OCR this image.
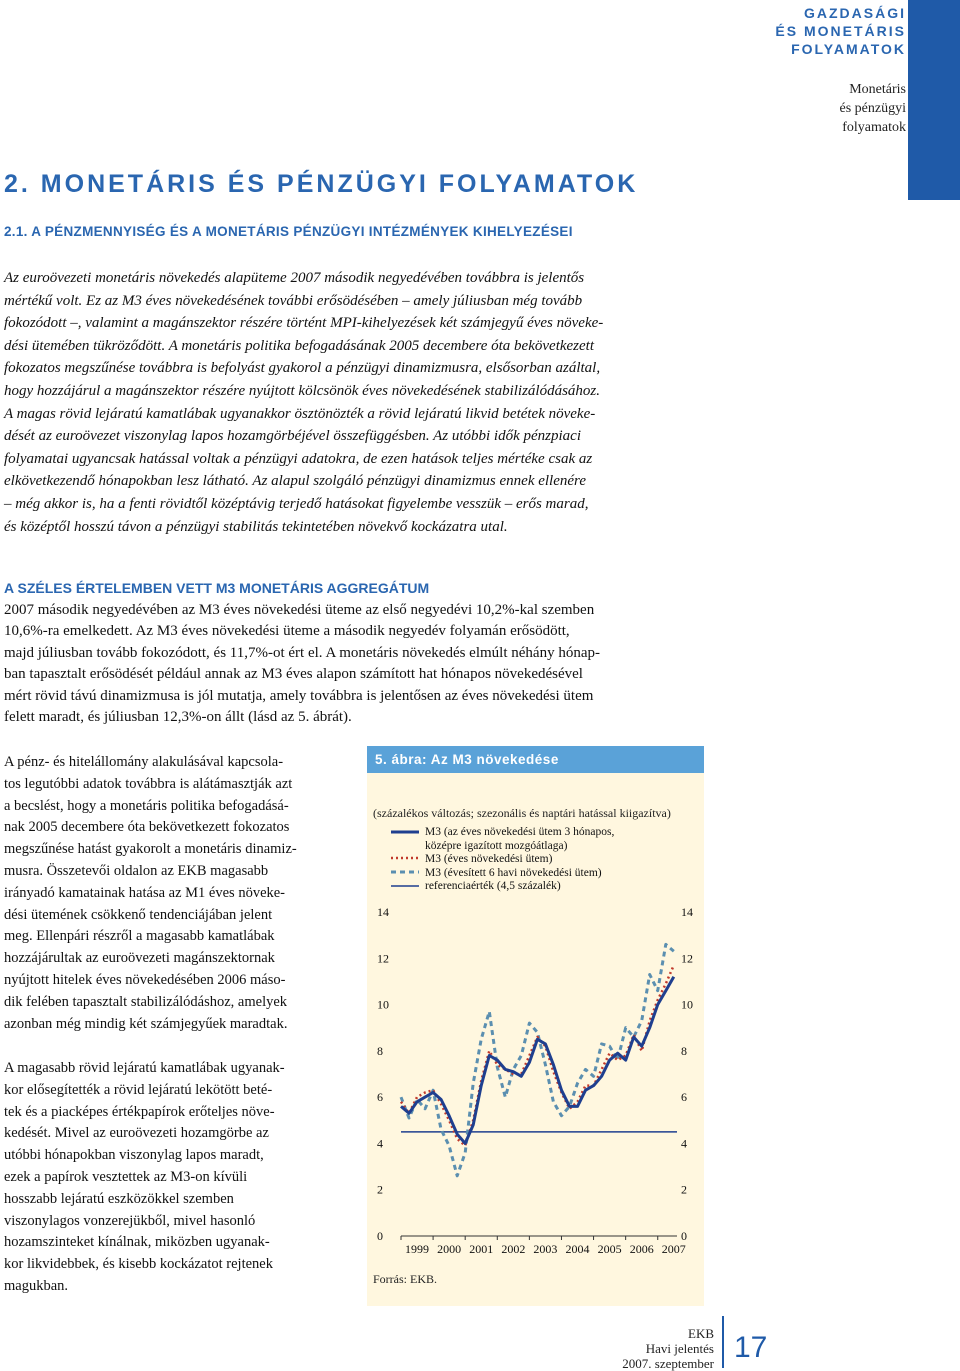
GAZDASÁGI
ÉS MONETÁRIS
FOLYAMATOK
Monetáris
és pénzügyi
folyamatok
2. MONETÁRIS ÉS PÉNZÜGYI FOLYAMATOK
2.1. A PÉNZMENNYISÉG ÉS A MONETÁRIS PÉNZÜGYI INTÉZMÉNYEK KIHELYEZÉSEI
Az euroövezeti monetáris növekedés alapüteme 2007 második negyedévében továbbra is jelentős
mértékű volt. Ez az M3 éves növekedésének további erősödésében – amely júliusban még tovább
fokozódott –, valamint a magánszektor részére történt MPI-kihelyezések két számjegyű éves növeke-
dési ütemében tükröződött. A monetáris politika befogadásának 2005 decembere óta bekövetkezett
fokozatos megszűnése továbbra is befolyást gyakorol a pénzügyi dinamizmusra, elsősorban azáltal,
hogy hozzájárul a magánszektor részére nyújtott kölcsönök éves növekedésének stabilizálódásához.
A magas rövid lejáratú kamatlábak ugyanakkor ösztönözték a rövid lejáratú likvid betétek növeke-
dését az euroövezet viszonylag lapos hozamgörbéjével összefüggésben. Az utóbbi idők pénzpiaci
folyamatai ugyancsak hatással voltak a pénzügyi adatokra, de ezen hatások teljes mértéke csak az
elkövetkezendő hónapokban lesz látható. Az alapul szolgáló pénzügyi dinamizmus ennek ellenére
– még akkor is, ha a fenti rövidtől középtávig terjedő hatásokat figyelembe vesszük – erős marad,
és középtől hosszú távon a pénzügyi stabilitás tekintetében növekvő kockázatra utal.
A SZÉLES ÉRTELEMBEN VETT M3 MONETÁRIS AGGREGÁTUM
2007 második negyedévében az M3 éves növekedési üteme az első negyedévi 10,2%-kal szemben
10,6%-ra emelkedett. Az M3 éves növekedési üteme a második negyedév folyamán erősödött,
majd júliusban tovább fokozódott, és 11,7%-ot ért el. A monetáris növekedés elmúlt néhány hónap-
ban tapasztalt erősödését például annak az M3 éves alapon számított hat hónapos növekedésével
mért rövid távú dinamizmusa is jól mutatja, amely továbbra is jelentősen az éves növekedési ütem
felett maradt, és júliusban 12,3%-on állt (lásd az 5. ábrát).
A pénz- és hitelállomány alakulásával kapcsola-
tos legutóbbi adatok továbbra is alátámasztják azt
a becslést, hogy a monetáris politika befogadásá-
nak 2005 decembere óta bekövetkezett fokozatos
megszűnése hatást gyakorolt a monetáris dinamiz-
musra. Összetevői oldalon az EKB magasabb
irányadó kamatainak hatása az M1 éves növeke-
dési ütemének csökkenő tendenciájában jelent
meg. Ellenpári részről a magasabb kamatlábak
hozzájárultak az euroövezeti magánszektornak
nyújtott hitelek éves növekedésében 2006 máso-
dik felében tapasztalt stabilizálódáshoz, amelyek
azonban még mindig két számjegyűek maradtak.
A magasabb rövid lejáratú kamatlábak ugyanak-
kor elősegítették a rövid lejáratú lekötött beté-
tek és a piacképes értékpapírok erőteljes növe-
kedését. Mivel az euroövezeti hozamgörbe az
utóbbi hónapokban viszonylag lapos maradt,
ezek a papírok vesztettek az M3-on kívüli
hosszabb lejáratú eszközökkel szemben
viszonylagos vonzerejükből, mivel hasonló
hozamszinteket kínálnak, miközben ugyanak-
kor likvidebbek, és kisebb kockázatot rejtenek
magukban.
5. ábra: Az M3 növekedése
(százalékos változás; szezonális és naptári hatással kiigazítva)
0	0
2	2
4	4
6	6
8	8
10	10
12	12
14	14
1999 2000 2001 2002 2003 2004 2005 2006 2007
M3 (az éves növekedési ütem 3 hónapos,
középre igazított mozgóátlaga)
M3 (éves növekedési ütem)
M3 (évesített 6 havi növekedési ütem)
referenciaérték (4,5 százalék)
Forrás: EKB.
EKB
Havi jelentés
2007. szeptember 17
